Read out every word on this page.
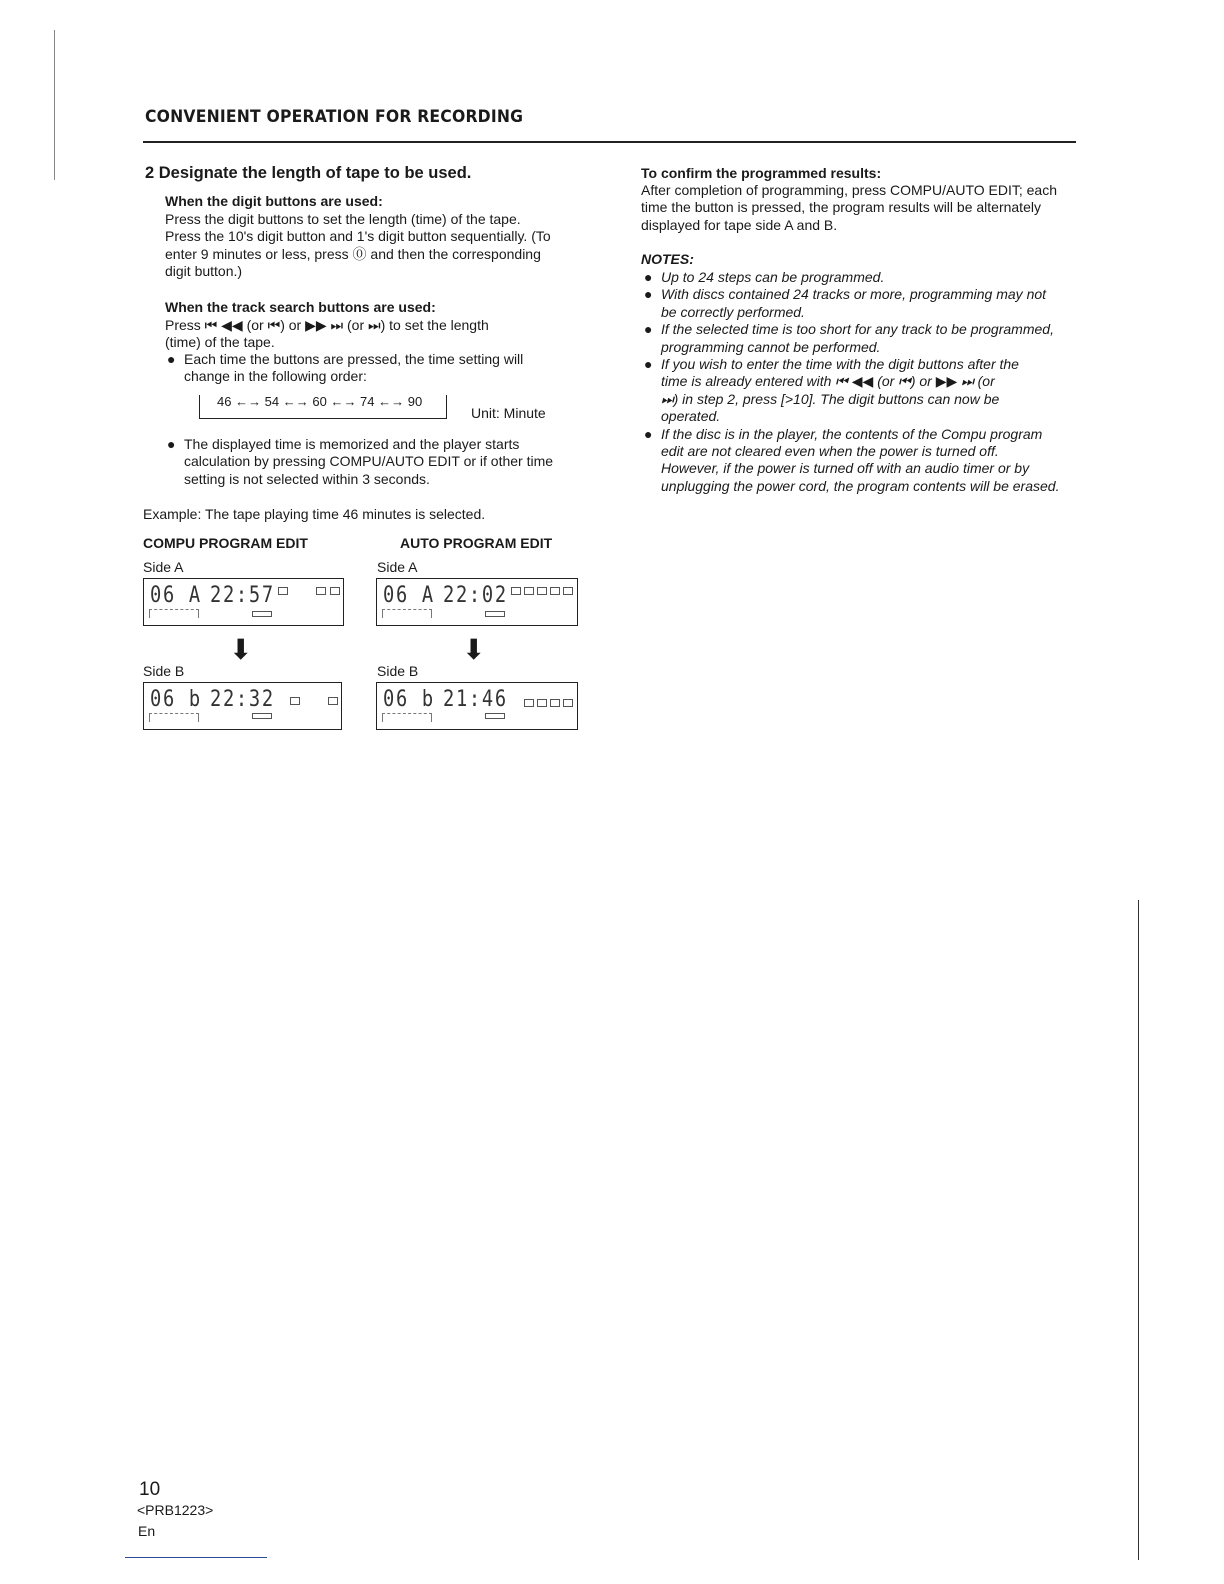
CONVENIENT OPERATION FOR RECORDING
2 Designate the length of tape to be used.
When the digit buttons are used:
Press the digit buttons to set the length (time) of the tape.
Press the 10's digit button and 1's digit button sequentially. (To
enter 9 minutes or less, press ⓪ and then the corresponding
digit button.)
When the track search buttons are used:
Press ⏮ ◀◀ (or ⏮) or ▶▶ ⏭ (or ⏭) to set the length
(time) of the tape.
● Each time the buttons are pressed, the time setting will
change in the following order:
46 ←→ 54 ←→ 60 ←→ 74 ←→ 90
Unit: Minute
● The displayed time is memorized and the player starts
calculation by pressing COMPU/AUTO EDIT or if other time
setting is not selected within 3 seconds.
Example: The tape playing time 46 minutes is selected.
COMPU PROGRAM EDIT	AUTO PROGRAM EDIT
Side A	Side A
06 A 22:57	06 A 22:02
⬇	⬇
Side B	Side B
06 b 22:32	06 b 21:46
To confirm the programmed results:
After completion of programming, press COMPU/AUTO EDIT; each
time the button is pressed, the program results will be alternately
displayed for tape side A and B.
NOTES:
● Up to 24 steps can be programmed.
● With discs contained 24 tracks or more, programming may not
be correctly performed.
● If the selected time is too short for any track to be programmed,
programming cannot be performed.
● If you wish to enter the time with the digit buttons after the
time is already entered with ⏮ ◀◀ (or ⏮) or ▶▶ ⏭ (or
⏭) in step 2, press [>10]. The digit buttons can now be
operated.
● If the disc is in the player, the contents of the Compu program
edit are not cleared even when the power is turned off.
However, if the power is turned off with an audio timer or by
unplugging the power cord, the program contents will be erased.
10
<PRB1223>
En
